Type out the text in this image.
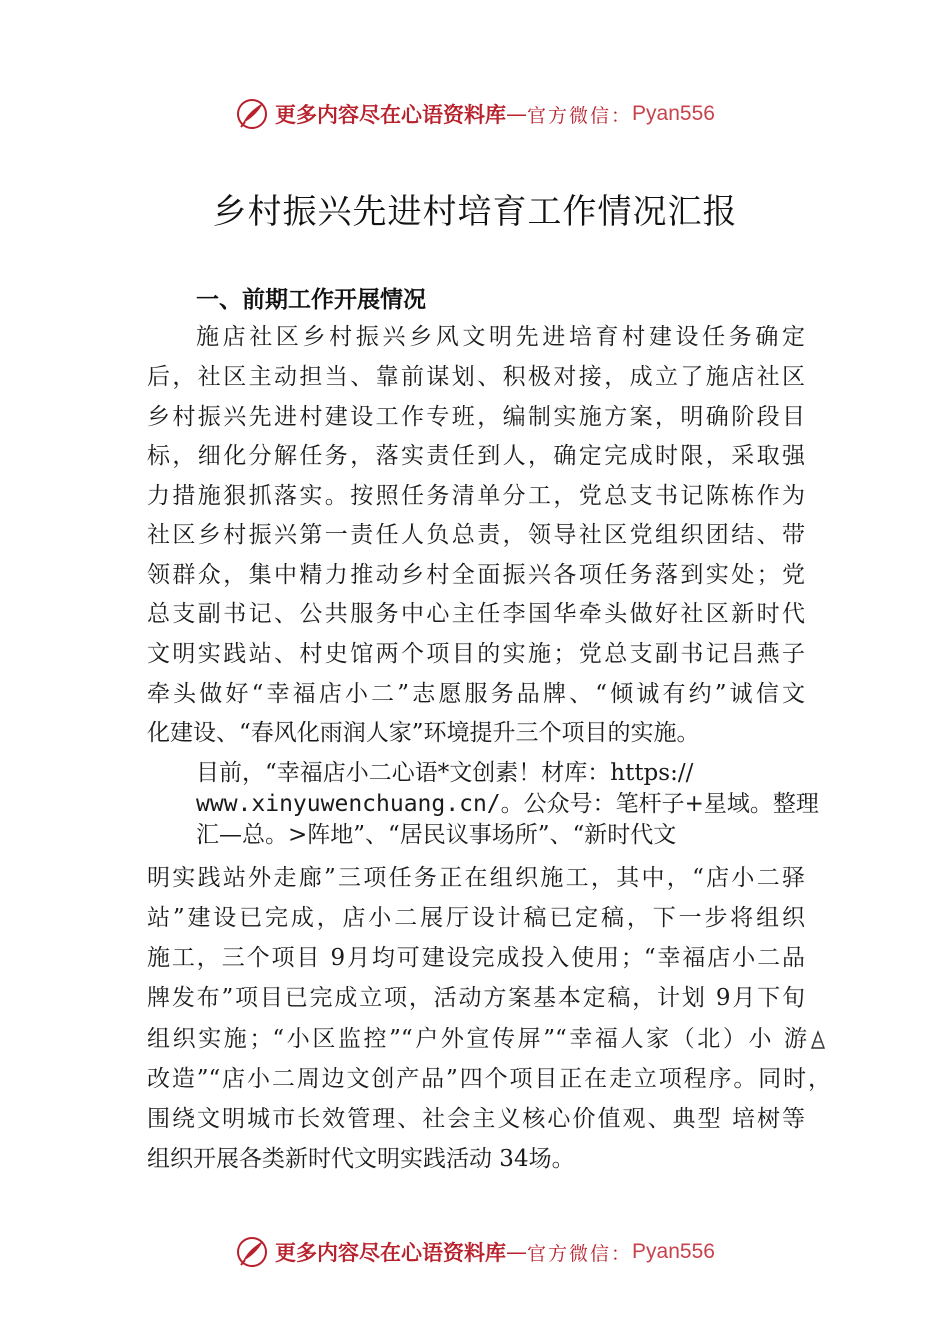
更多内容尽在心语资料库 — 官方微信： Pyan556
乡村振兴先进村培育工作情况汇报
一、前期工作开展情况
施店社区乡村振兴乡风文明先进培育村建设任务确定
后，社区主动担当、靠前谋划、积极对接，成立了施店社区
乡村振兴先进村建设工作专班，编制实施方案，明确阶段目
标，细化分解任务，落实责任到人，确定完成时限，采取强
力措施狠抓落实。按照任务清单分工，党总支书记陈栋作为
社区乡村振兴第一责任人负总责，领导社区党组织团结、带
领群众，集中精力推动乡村全面振兴各项任务落到实处；党
总支副书记、公共服务中心主任李国华牵头做好社区新时代
文明实践站、村史馆两个项目的实施；党总支副书记吕燕子
牵头做好“幸福店小二”志愿服务品牌、“倾诚有约”诚信文
化建设、“春风化雨润人家”环境提升三个项目的实施。
目前，“幸福店小二心语*文创素！材库：https://
www.xinyuwenchuang.cn/。公众号：笔杆子+星域。整理
汇—总。>阵地”、“居民议事场所”、“新时代文
明实践站外走廊”三项任务正在组织施工，其中，“店小二驿
站”建设已完成，店小二展厅设计稿已定稿，下一步将组织
施工，三个项目 9月均可建设完成投入使用；“幸福店小二品
牌发布”项目已完成立项，活动方案基本定稿，计划 9月下旬
组织实施；“小区监控”“户外宣传屏”“幸福人家（北）小 游
改造”“店小二周边文创产品”四个项目正在走立项程序。同时，
围绕文明城市长效管理、社会主义核心价值观、典型 培树等
组织开展各类新时代文明实践活动 34场。
更多内容尽在心语资料库 — 官方微信： Pyan556
